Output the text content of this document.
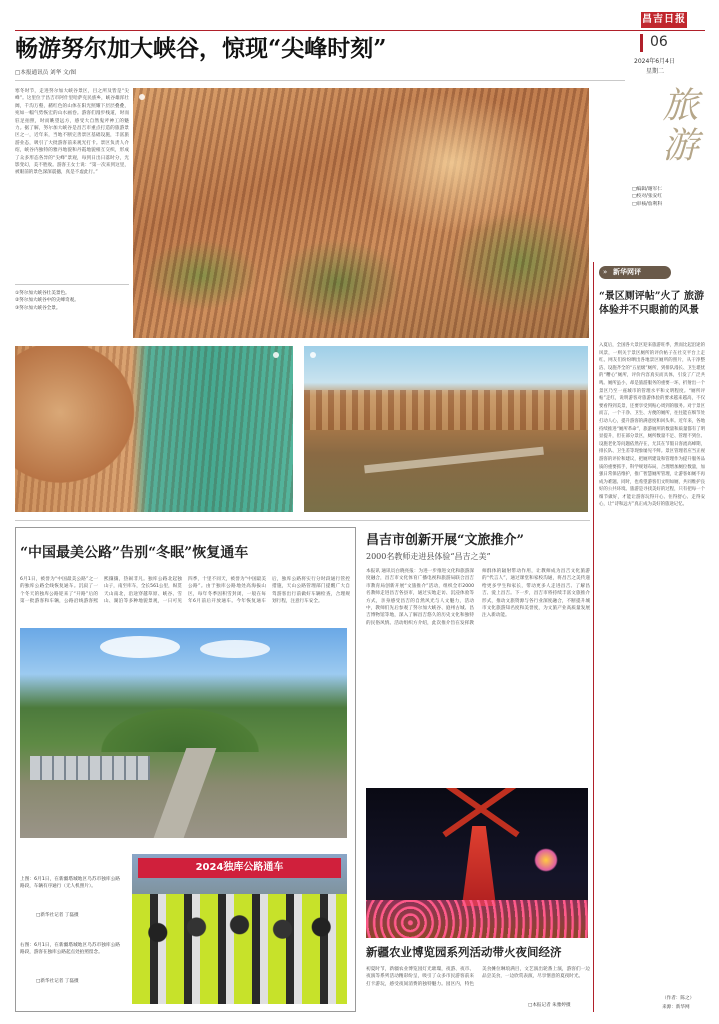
昌吉日报
06
2024年6月4日
星期二
旅游
□编辑/谢军仁
□校对/张安红
□审核/詹利科
畅游努尔加大峡谷，惊现“尖峰时刻”
□本报通讯员 刘华 文/图
寒冬时节，走进努尔加大峡谷景区，目之所及皆是“尖峰”。这里位于昌吉市阿什里哈萨克民族乡，峡谷雄浑壮阔，千沟万壑，赭红色的山体在阳光照耀下层层叠叠，宛如一幅气势恢宏的山水画卷。游客们漫步栈道，时而驻足拍照，时而眺望远方，感受大自然鬼斧神工的魅力。据了解，努尔加大峡谷是昌吉市重点打造的旅游景区之一，近年来，当地不断完善景区基础设施，丰富旅游业态，吸引了大批游客前来观光打卡。景区负责人介绍，峡谷内独特的雅丹地貌和丹霞地貌相互交织，形成了众多形态各异的“尖峰”景观，每到日出日落时分，光影变幻，美不胜收。游客王女士说：“第一次来到这里，被眼前的景色深深震撼，真是不虚此行。”
①努尔加大峡谷壮美景色。
②努尔加大峡谷中的尖峰奇观。
③努尔加大峡谷全景。
» 新华网评
“景区厕评帖”火了 旅游体验并不只眼前的风景
入夏后，全国各大景区迎来旅游旺季，然而比起沿途的风景，一则关于景区厕所的评价帖子在社交平台上走红。网友们纷纷晒出各地景区厕所的照片，从干净整洁、设施齐全的“五星级”厕所，到排队漫长、卫生堪忧的“糟心”厕所，评价内容真实而具体，引发了广泛共鸣。厕所虽小，却是旅游服务的重要一环，折射出一个景区乃至一座城市的管理水平和文明程度。“厕所评帖”走红，说明游客对旅游体验的要求越来越高，不仅要看得到美景，还要享受到贴心周到的服务。对于景区而言，一个干净、卫生、方便的厕所，往往能在细节处打动人心，提升游客的满意度和回头率。近年来，各地持续推进“厕所革命”，旅游厕所的数量和质量都有了明显提升，但在部分景区，厕所数量不足、管理不到位、设施老化等问题依然存在，尤其在节假日客流高峰期，排长队、卫生差等现象屡见不鲜。景区管理者应当正视游客的评价和建议，把厕所建设和管理作为提升服务品质的重要抓手，科学规划布局，合理增加厕位数量，加强日常保洁维护，推广智慧厕所管理，让游客如厕不再成为难题。同时，也希望游客们文明如厕，共同维护良好的公共环境。旅游是寻找美好的过程，只有把每一个细节做好，才能让游客玩得开心、住得舒心、走得安心，让“诗和远方”真正成为美好的旅途记忆。
（作者：陈之）
来源：新华网
“中国最美公路”告别“冬眠”恢复通车
6月1日，被誉为“中国最美公路”之一的独库公路全线恢复通车。沉寂了一个冬天的独库公路迎来了“开路”后的第一批游客和车辆，公路沿线游客熙熙攘攘，热闹非凡。独库公路北起独山子，南至库车，全长561公里，纵贯天山南北，沿途穿越草原、峡谷、雪山、湖泊等多种地貌景观，一日可见四季，十里不同天，被誉为“中国最美公路”。由于独库公路地处高海拔山区，每年冬季因积雪封闭，一般在每年6月前后开放通车。今年恢复通车后，独库公路将实行分时段通行管控措施，天山公路管理部门提醒广大自驾游客出行前做好车辆检查，合理规划行程，注意行车安全。
上图：6月1日，在新疆塔城地区乌苏市独库公路路段，车辆有序通行（无人机照片）。
□新华社记者 丁磊摄
右图：6月1日，在新疆塔城地区乌苏市独库公路路段，游客在独库公路起点处拍照留念。
□新华社记者 丁磊摄
2024独库公路通车
昌吉市创新开展“文旅推介”
2000名教师走进县体验“昌吉之美”
本报讯 通讯员白晓亮报：为进一步推进文化和旅游深度融合，昌吉市文化体育广播电视和旅游局联合昌吉市教育局创新开展“文旅推介”活动，组织全市2000名教师走进昌吉各县市，通过实地走访、沉浸体验等方式，亲身感受昌吉的自然风光与人文魅力，活动中，教师们先后参观了努尔加大峡谷、庭州古城、昌吉博物馆等地，深入了解昌吉悠久的历史文化和独特的民俗风情。活动组织方介绍，此次推介旨在发挥教师群体的辐射带动作用，让教师成为昌吉文化旅游的“代言人”，通过课堂和家校沟通，将昌吉之美传递给更多学生和家长，带动更多人走进昌吉、了解昌吉、爱上昌吉。下一步，昌吉市将持续丰富文旅推介形式，推动文旅资源与各行业深度融合，不断提升城市文化旅游知名度和美誉度，为文旅产业高质量发展注入新动能。
新疆农业博览园系列活动带火夜间经济
初夏时节，新疆农业博览园灯光璀璨，夜游、夜市、夜演等系列活动精彩纷呈，吸引了众多市民游客前来打卡游玩，感受夜间消费的独特魅力。园区内，特色美食摊位琳琅满目，文艺演出轮番上演，游客们一边品尝美食，一边欣赏表演，尽享惬意的夏夜时光。
□本报记者 朱雅婷摄
